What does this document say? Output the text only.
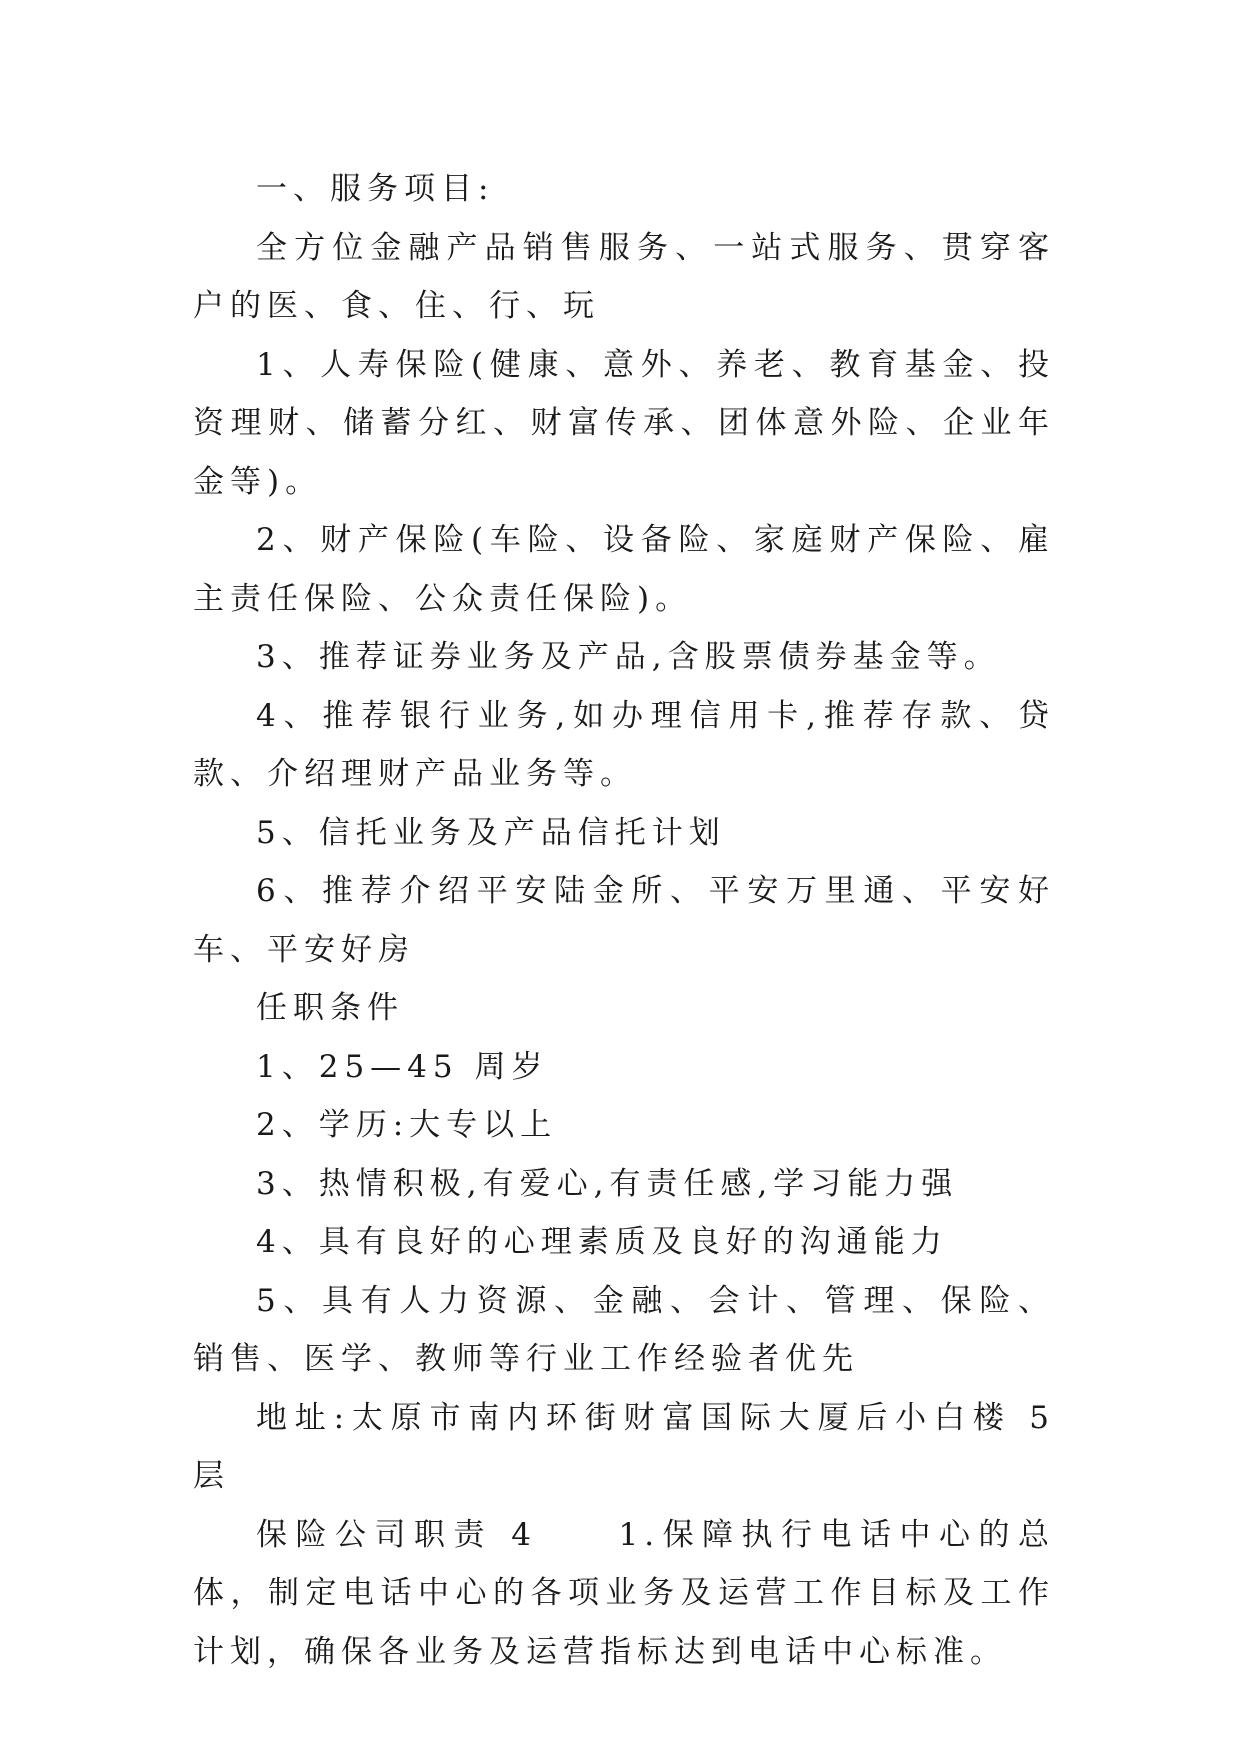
一、服务项目:

全方位金融产品销售服务、一站式服务、贯穿客户的医、食、住、行、玩

1、人寿保险(健康、意外、养老、教育基金、投资理财、储蓄分红、财富传承、团体意外险、企业年金等)。

2、财产保险(车险、设备险、家庭财产保险、雇主责任保险、公众责任保险)。

3、推荐证券业务及产品,含股票债券基金等。

4、推荐银行业务,如办理信用卡,推荐存款、贷款、介绍理财产品业务等。

5、信托业务及产品信托计划

6、推荐介绍平安陆金所、平安万里通、平安好车、平安好房

任职条件

1、25—45 周岁

2、学历:大专以上

3、热情积极,有爱心,有责任感,学习能力强

4、具有良好的心理素质及良好的沟通能力

5、具有人力资源、金融、会计、管理、保险、销售、医学、教师等行业工作经验者优先

地址:太原市南内环街财富国际大厦后小白楼 5 层

保险公司职责 4　　1.保障执行电话中心的总体，制定电话中心的各项业务及运营工作目标及工作计划，确保各业务及运营指标达到电话中心标准。
